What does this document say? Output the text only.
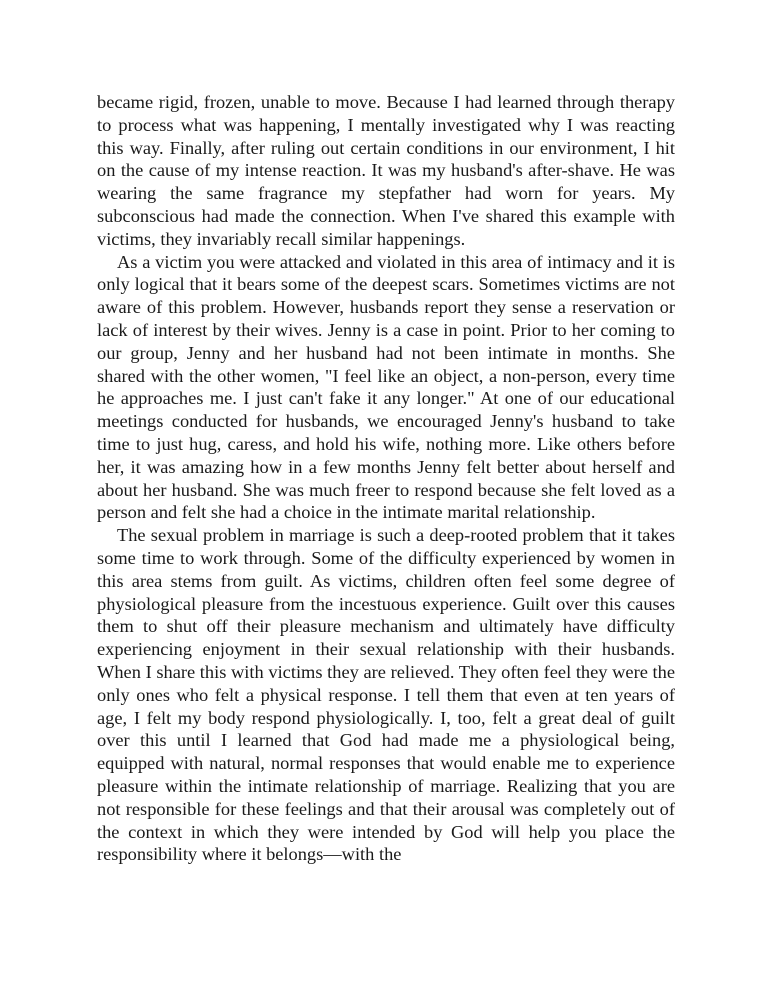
became rigid, frozen, unable to move. Because I had learned through therapy to process what was happening, I mentally investigated why I was reacting this way. Finally, after ruling out certain conditions in our environment, I hit on the cause of my intense reaction. It was my husband's after-shave. He was wearing the same fragrance my stepfather had worn for years. My subconscious had made the connection. When I've shared this example with victims, they invariably recall similar happenings.

As a victim you were attacked and violated in this area of intimacy and it is only logical that it bears some of the deepest scars. Sometimes victims are not aware of this problem. However, husbands report they sense a reservation or lack of interest by their wives. Jenny is a case in point. Prior to her coming to our group, Jenny and her husband had not been intimate in months. She shared with the other women, "I feel like an object, a non-person, every time he approaches me. I just can't fake it any longer." At one of our educational meetings conducted for husbands, we encouraged Jenny's husband to take time to just hug, caress, and hold his wife, nothing more. Like others before her, it was amazing how in a few months Jenny felt better about herself and about her husband. She was much freer to respond because she felt loved as a person and felt she had a choice in the intimate marital relationship.

The sexual problem in marriage is such a deep-rooted problem that it takes some time to work through. Some of the difficulty experienced by women in this area stems from guilt. As victims, children often feel some degree of physiological pleasure from the incestuous experience. Guilt over this causes them to shut off their pleasure mechanism and ultimately have difficulty experiencing enjoyment in their sexual relationship with their husbands. When I share this with victims they are relieved. They often feel they were the only ones who felt a physical response. I tell them that even at ten years of age, I felt my body respond physiologically. I, too, felt a great deal of guilt over this until I learned that God had made me a physiological being, equipped with natural, normal responses that would enable me to experience pleasure within the intimate relationship of marriage. Realizing that you are not responsible for these feelings and that their arousal was completely out of the context in which they were intended by God will help you place the responsibility where it belongs—with the
